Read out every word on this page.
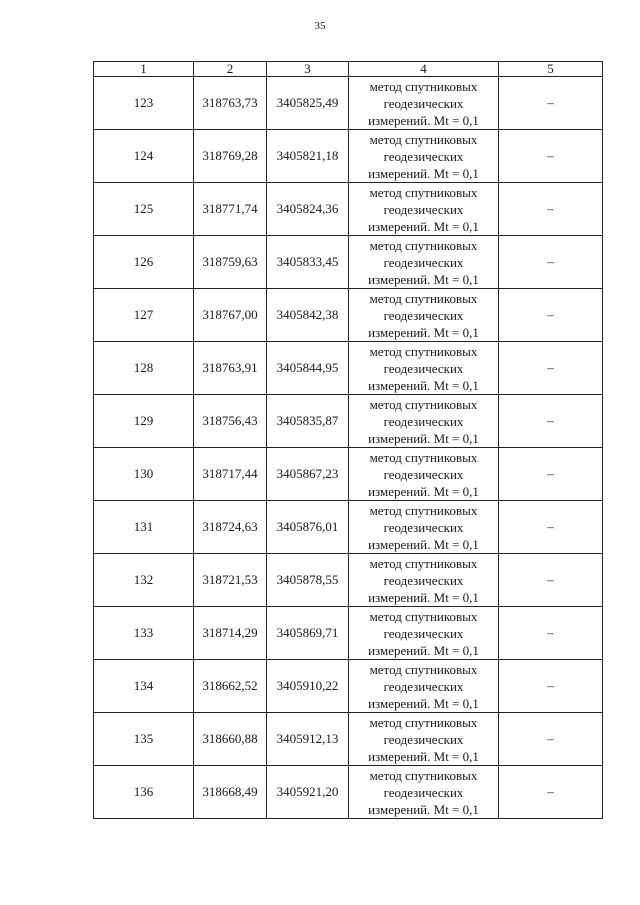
35
1	2	3	4	5
123	318763,73	3405825,49	метод спутниковых
геодезических
измерений. Mt = 0,1	–
124	318769,28	3405821,18	метод спутниковых
геодезических
измерений. Mt = 0,1	–
125	318771,74	3405824,36	метод спутниковых
геодезических
измерений. Mt = 0,1	–
126	318759,63	3405833,45	метод спутниковых
геодезических
измерений. Mt = 0,1	–
127	318767,00	3405842,38	метод спутниковых
геодезических
измерений. Mt = 0,1	–
128	318763,91	3405844,95	метод спутниковых
геодезических
измерений. Mt = 0,1	–
129	318756,43	3405835,87	метод спутниковых
геодезических
измерений. Mt = 0,1	–
130	318717,44	3405867,23	метод спутниковых
геодезических
измерений. Mt = 0,1	–
131	318724,63	3405876,01	метод спутниковых
геодезических
измерений. Mt = 0,1	–
132	318721,53	3405878,55	метод спутниковых
геодезических
измерений. Mt = 0,1	–
133	318714,29	3405869,71	метод спутниковых
геодезических
измерений. Mt = 0,1	–
134	318662,52	3405910,22	метод спутниковых
геодезических
измерений. Mt = 0,1	–
135	318660,88	3405912,13	метод спутниковых
геодезических
измерений. Mt = 0,1	–
136	318668,49	3405921,20	метод спутниковых
геодезических
измерений. Mt = 0,1	–
